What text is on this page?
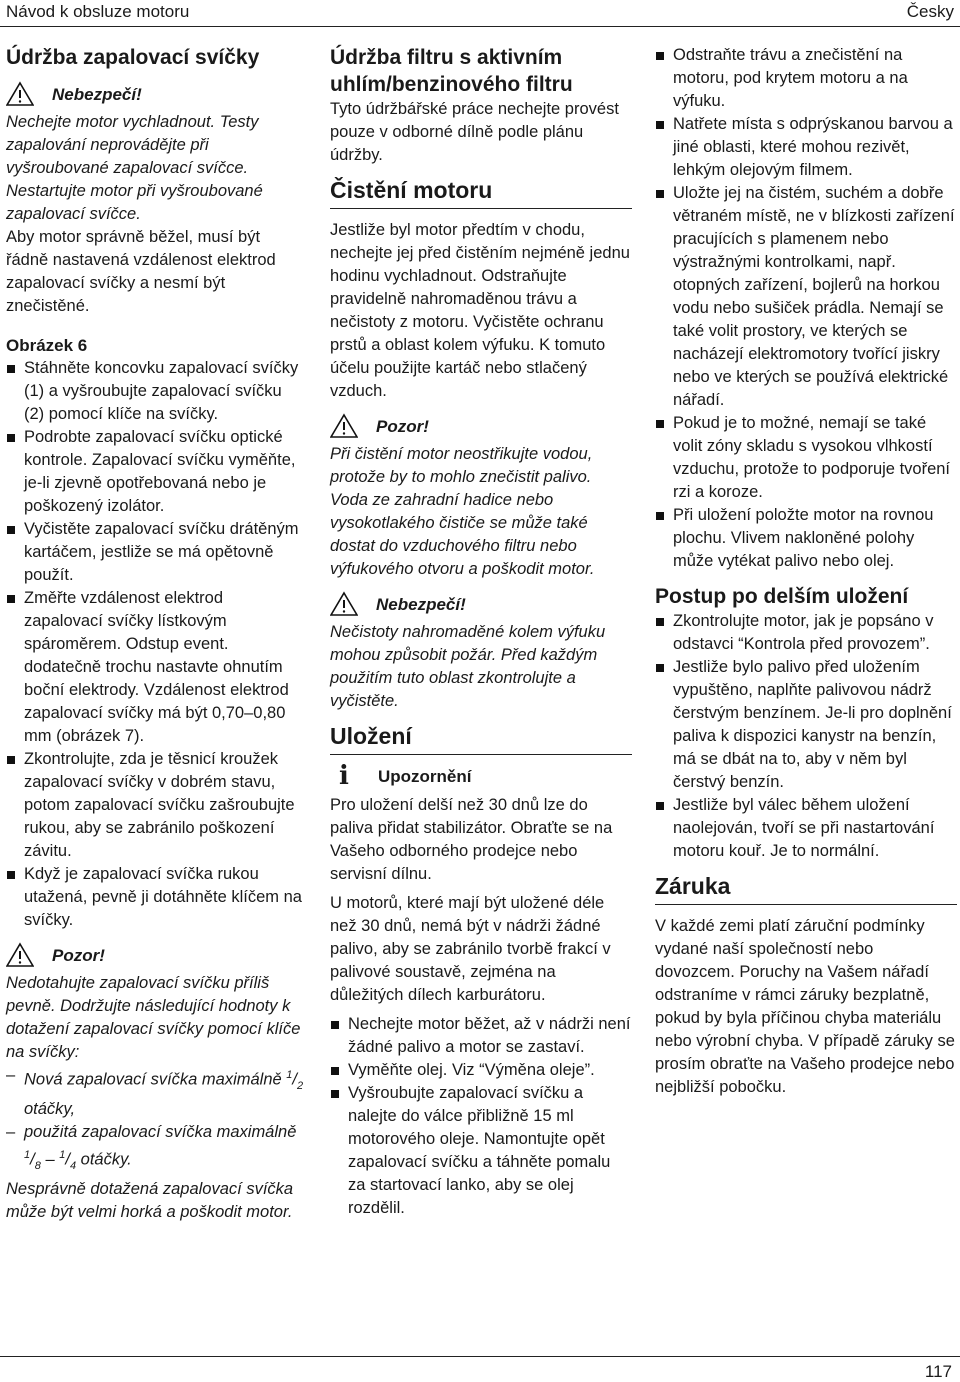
Návod k obsluze motoru	Česky
Údržba zapalovací svíčky
Nebezpečí!

Nechejte motor vychladnout. Testy zapalování neprovádějte při vyšroubované zapalovací svíčce. Nestartujte motor při vyšroubované zapalovací svíčce.

Aby motor správně běžel, musí být řádně nastavená vzdálenost elektrod zapalovací svíčky a nesmí být znečistěné.

Obrázek 6
Stáhněte koncovku zapalovací svíčky (1) a vyšroubujte zapalovací svíčku (2) pomocí klíče na svíčky.
Podrobte zapalovací svíčku optické kontrole. Zapalovací svíčku vyměňte, je-li zjevně opotřebovaná nebo je poškozený izolátor.
Vyčistěte zapalovací svíčku drátěným kartáčem, jestliže se má opětovně použít.
Změřte vzdálenost elektrod zapalovací svíčky lístkovým spároměrem. Odstup event. dodatečně trochu nastavte ohnutím boční elektrody. Vzdálenost elektrod zapalovací svíčky má být 0,70–0,80 mm (obrázek 7).
Zkontrolujte, zda je těsnicí kroužek zapalovací svíčky v dobrém stavu, potom zapalovací svíčku zašroubujte rukou, aby se zabránilo poškození závitu.
Když je zapalovací svíčka rukou utažená, pevně ji dotáhněte klíčem na svíčky.
Pozor!

Nedotahujte zapalovací svíčku příliš pevně. Dodržujte následující hodnoty k dotažení zapalovací svíčky pomocí klíče na svíčky:

– Nová zapalovací svíčka maximálně $^1/_2$ otáčky,
– použitá zapalovací svíčka maximálně $^1/_8 - ^1/_4$ otáčky.

Nesprávně dotažená zapalovací svíčka může být velmi horká a poškodit motor.

Údržba filtru s aktivním uhlím/benzinového filtru

Tyto údržbářské práce nechejte provést pouze v odborné dílně podle plánu údržby.

Čistění motoru

Jestliže byl motor předtím v chodu, nechejte jej před čistěním nejméně jednu hodinu vychladnout. Odstraňujte pravidelně nahromaděnou trávu a nečistoty z motoru. Vyčistěte ochranu prstů a oblast kolem výfuku. K tomuto účelu použijte kartáč nebo stlačený vzduch.

Pozor!

Při čistění motor neostřikujte vodou, protože by to mohlo znečistit palivo. Voda ze zahradní hadice nebo vysokotlakého čističe se může také dostat do vzduchového filtru nebo výfukového otvoru a poškodit motor.

Nebezpečí!

Nečistoty nahromaděné kolem výfuku mohou způsobit požár. Před každým použitím tuto oblast zkontrolujte a vyčistěte.

Uložení
i	Upozornění

Pro uložení delší než 30 dnů lze do paliva přidat stabilizátor. Obraťte se na Vašeho odborného prodejce nebo servisní dílnu.

U motorů, které mají být uložené déle než 30 dnů, nemá být v nádrži žádné palivo, aby se zabránilo tvorbě frakcí v palivové soustavě, zejména na důležitých dílech karburátoru.

Nechejte motor běžet, až v nádrži není žádné palivo a motor se zastaví.
Vyměňte olej. Viz “Výměna oleje”.
Vyšroubujte zapalovací svíčku a nalejte do válce přibližně 15 ml motorového oleje. Namontujte opět zapalovací svíčku a táhněte pomalu za startovací lanko, aby se olej rozdělil.
Odstraňte trávu a znečistění na motoru, pod krytem motoru a na výfuku.
Natřete místa s odprýskanou barvou a jiné oblasti, které mohou rezivět, lehkým olejovým filmem.
Uložte jej na čistém, suchém a dobře větraném místě, ne v blízkosti zařízení pracujících s plamenem nebo výstražnými kontrolkami, např. otopných zařízení, bojlerů na horkou vodu nebo sušiček prádla. Nemají se také volit prostory, ve kterých se nacházejí elektromotory tvořící jiskry nebo ve kterých se používá elektrické nářadí.
Pokud je to možné, nemají se také volit zóny skladu s vysokou vlhkostí vzduchu, protože to podporuje tvoření rzi a koroze.
Při uložení položte motor na rovnou plochu. Vlivem nakloněné polohy může vytékat palivo nebo olej.
Postup po delším uložení
Zkontrolujte motor, jak je popsáno v odstavci “Kontrola před provozem”.
Jestliže bylo palivo před uložením vypuštěno, naplňte palivovou nádrž čerstvým benzínem. Je-li pro doplnění paliva k dispozici kanystr na benzín, má se dbát na to, aby v něm byl čerstvý benzín.
Jestliže byl válec během uložení naolejován, tvoří se při nastartování motoru kouř. Je to normální.
Záruka

V každé zemi platí záruční podmínky vydané naší společností nebo dovozcem. Poruchy na Vašem nářadí odstraníme v rámci záruky bezplatně, pokud by byla příčinou chyba materiálu nebo výrobní chyba. V případě záruky se prosím obraťte na Vašeho prodejce nebo nejbližší pobočku.

117
